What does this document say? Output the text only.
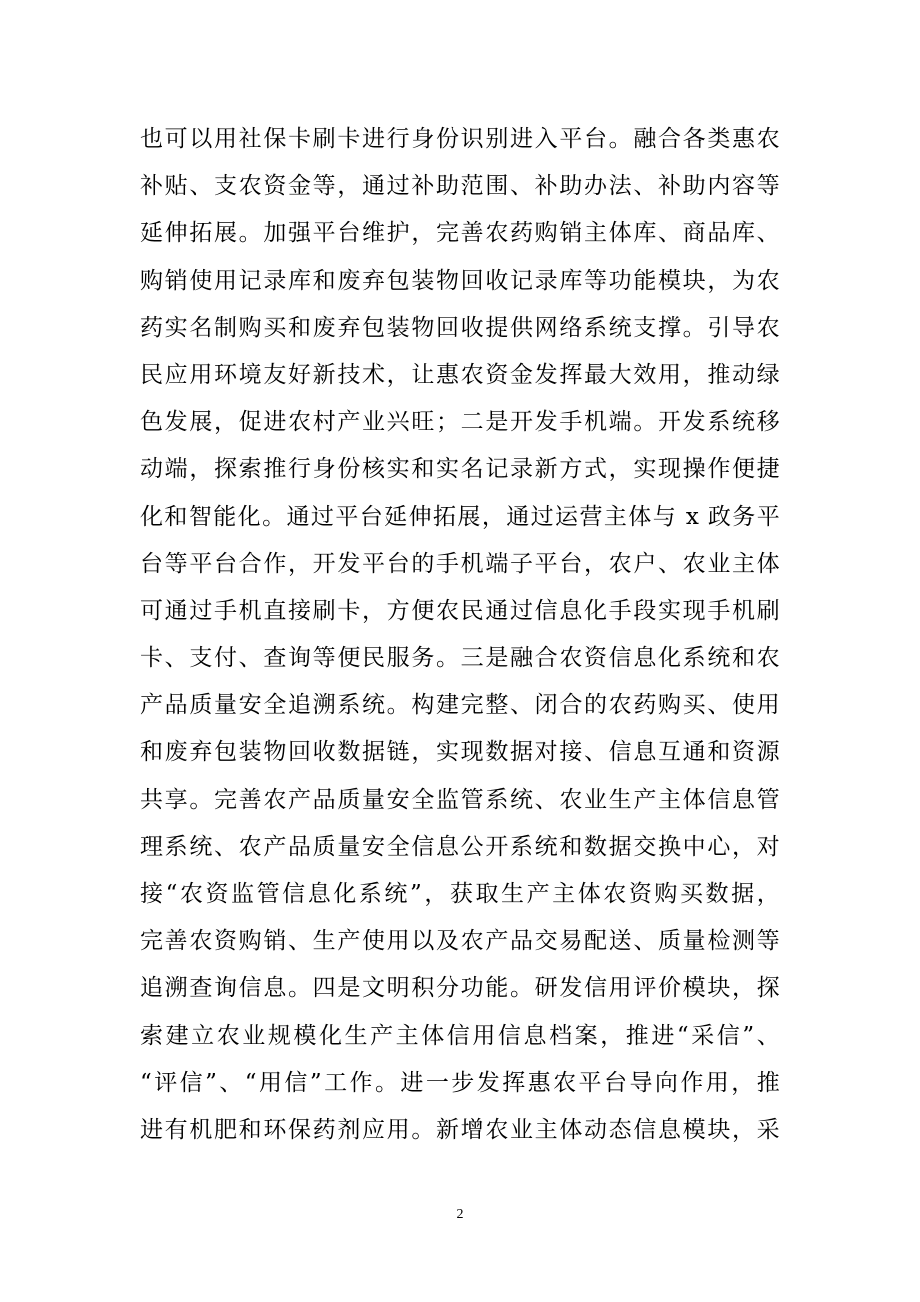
也可以用社保卡刷卡进行身份识别进入平台。融合各类惠农
补贴、支农资金等，通过补助范围、补助办法、补助内容等
延伸拓展。加强平台维护，完善农药购销主体库、商品库、
购销使用记录库和废弃包装物回收记录库等功能模块，为农
药实名制购买和废弃包装物回收提供网络系统支撑。引导农
民应用环境友好新技术，让惠农资金发挥最大效用，推动绿
色发展，促进农村产业兴旺；二是开发手机端。开发系统移
动端，探索推行身份核实和实名记录新方式，实现操作便捷
化和智能化。通过平台延伸拓展，通过运营主体与 x 政务平
台等平台合作，开发平台的手机端子平台，农户、农业主体
可通过手机直接刷卡，方便农民通过信息化手段实现手机刷
卡、支付、查询等便民服务。三是融合农资信息化系统和农
产品质量安全追溯系统。构建完整、闭合的农药购买、使用
和废弃包装物回收数据链，实现数据对接、信息互通和资源
共享。完善农产品质量安全监管系统、农业生产主体信息管
理系统、农产品质量安全信息公开系统和数据交换中心，对
接“农资监管信息化系统”，获取生产主体农资购买数据，
完善农资购销、生产使用以及农产品交易配送、质量检测等
追溯查询信息。四是文明积分功能。研发信用评价模块，探
索建立农业规模化生产主体信用信息档案，推进“采信”、
“评信”、“用信”工作。进一步发挥惠农平台导向作用，推
进有机肥和环保药剂应用。新增农业主体动态信息模块，采
2
